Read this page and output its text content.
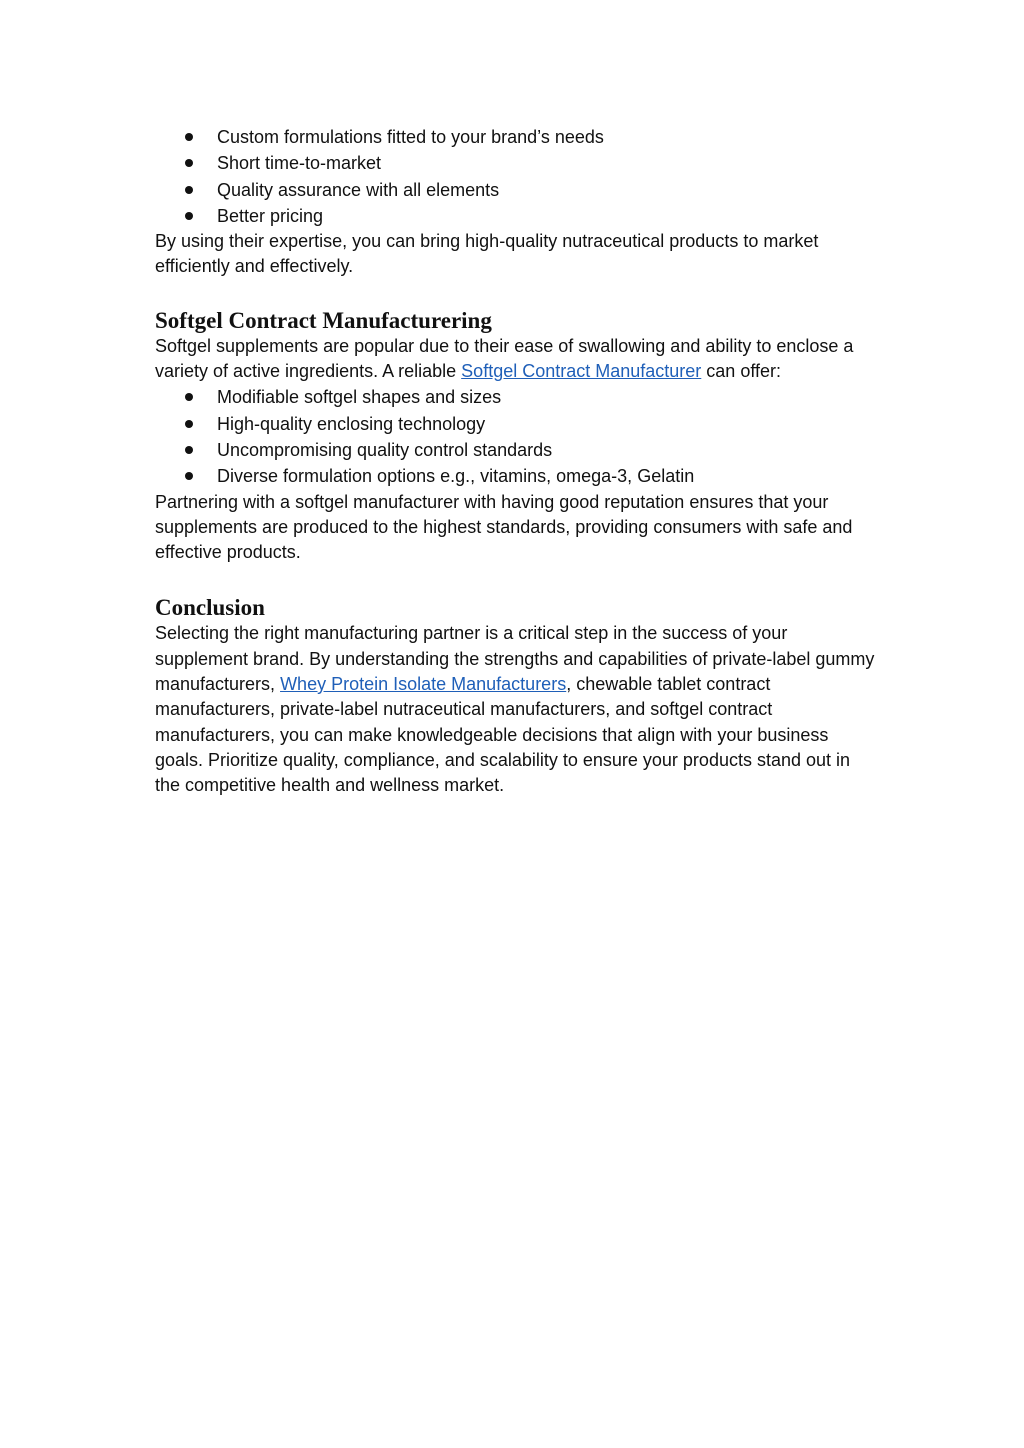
Custom formulations fitted to your brand’s needs
Short time-to-market
Quality assurance with all elements
Better pricing

By using their expertise, you can bring high-quality nutraceutical products to market efficiently and effectively.

Softgel Contract Manufacturering

Softgel supplements are popular due to their ease of swallowing and ability to enclose a variety of active ingredients. A reliable Softgel Contract Manufacturer can offer:

Modifiable softgel shapes and sizes
High-quality enclosing technology
Uncompromising quality control standards
Diverse formulation options e.g., vitamins, omega-3, Gelatin

Partnering with a softgel manufacturer with having good reputation ensures that your supplements are produced to the highest standards, providing consumers with safe and effective products.

Conclusion

Selecting the right manufacturing partner is a critical step in the success of your supplement brand. By understanding the strengths and capabilities of private-label gummy manufacturers, Whey Protein Isolate Manufacturers, chewable tablet contract manufacturers, private-label nutraceutical manufacturers, and softgel contract manufacturers, you can make knowledgeable decisions that align with your business goals. Prioritize quality, compliance, and scalability to ensure your products stand out in the competitive health and wellness market.
